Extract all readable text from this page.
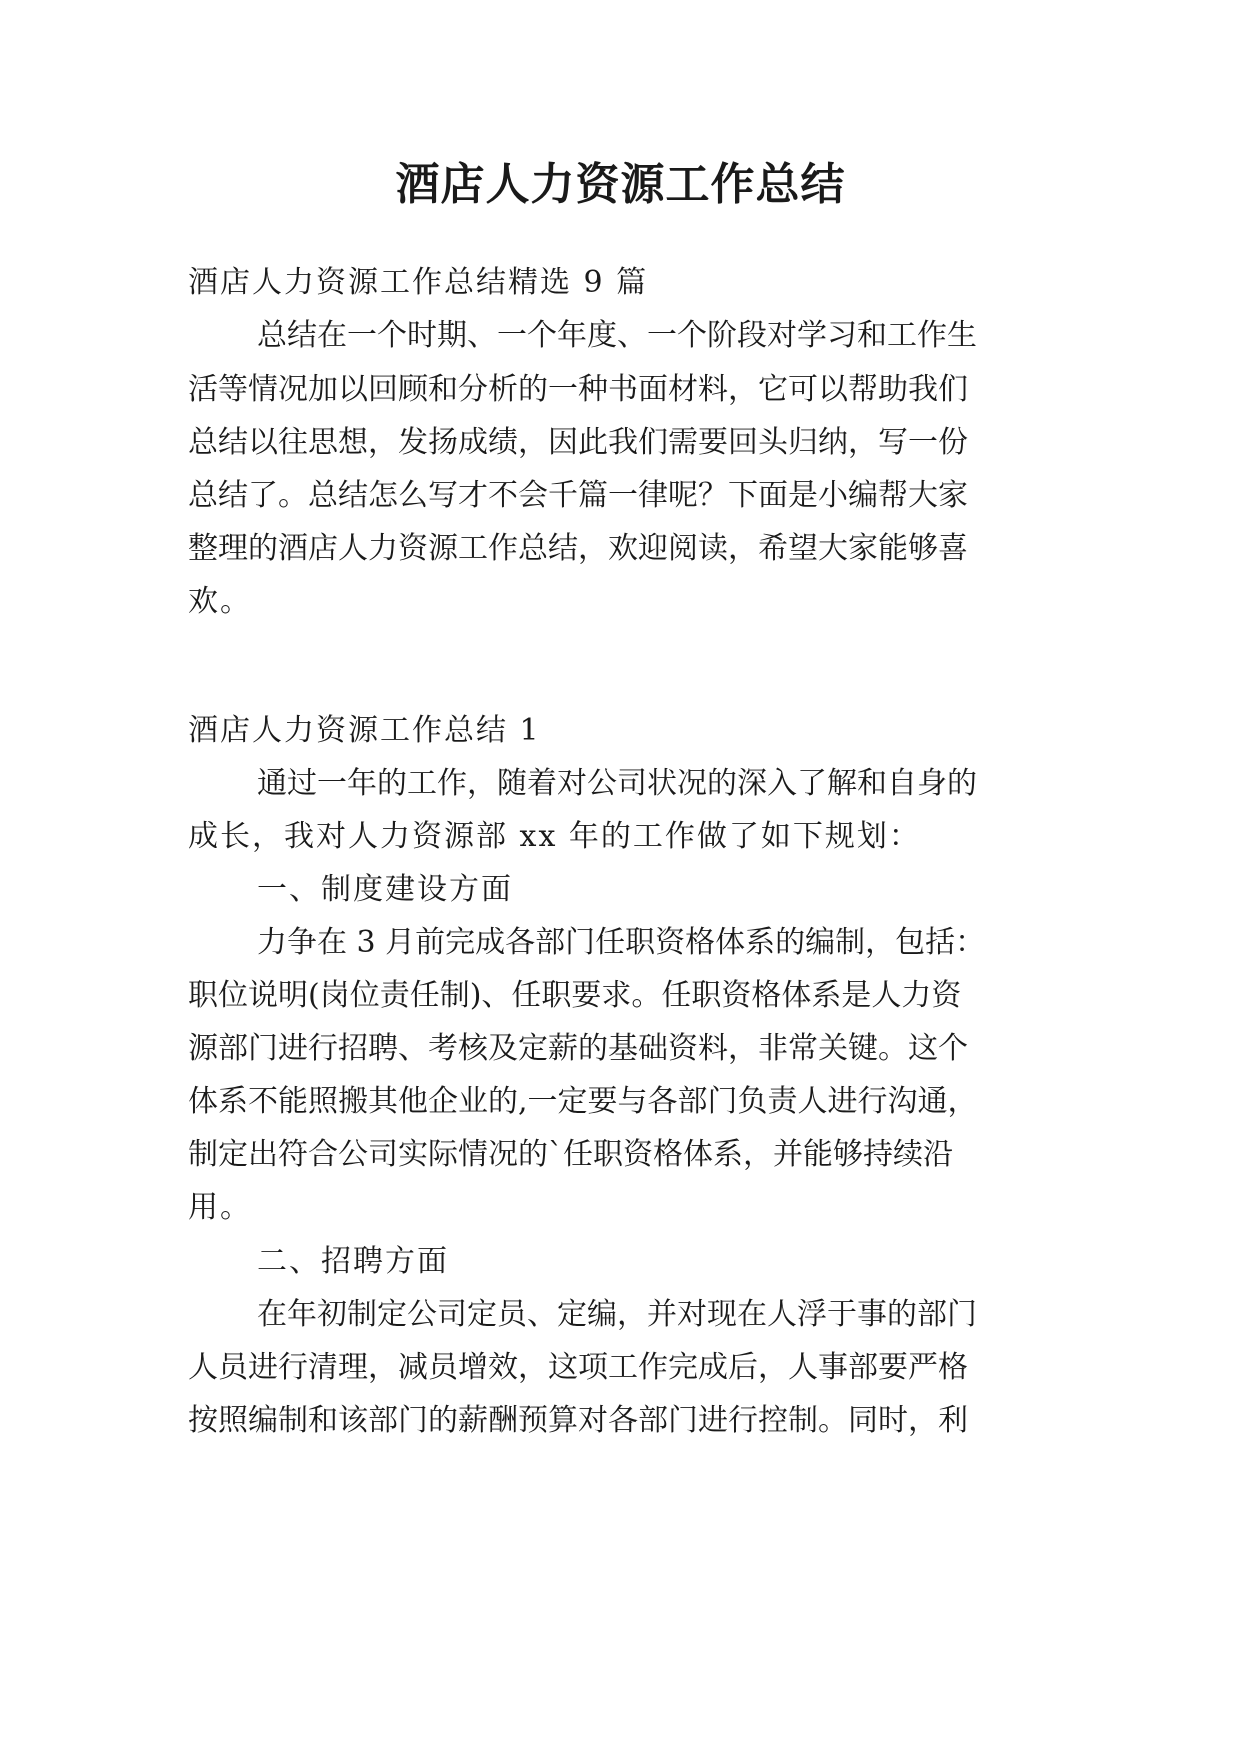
酒店人力资源工作总结
酒店人力资源工作总结精选 9 篇
总结在一个时期、一个年度、一个阶段对学习和工作生
活等情况加以回顾和分析的一种书面材料，它可以帮助我们
总结以往思想，发扬成绩，因此我们需要回头归纳，写一份
总结了。总结怎么写才不会千篇一律呢？下面是小编帮大家
整理的酒店人力资源工作总结，欢迎阅读，希望大家能够喜
欢。
酒店人力资源工作总结 1
通过一年的工作，随着对公司状况的深入了解和自身的
成长，我对人力资源部 xx 年的工作做了如下规划：
一、制度建设方面
力争在 3 月前完成各部门任职资格体系的编制，包括：
职位说明(岗位责任制)、任职要求。任职资格体系是人力资
源部门进行招聘、考核及定薪的基础资料，非常关键。这个
体系不能照搬其他企业的,一定要与各部门负责人进行沟通，
制定出符合公司实际情况的`任职资格体系，并能够持续沿
用。
二、招聘方面
在年初制定公司定员、定编，并对现在人浮于事的部门
人员进行清理，减员增效，这项工作完成后，人事部要严格
按照编制和该部门的薪酬预算对各部门进行控制。同时，利
